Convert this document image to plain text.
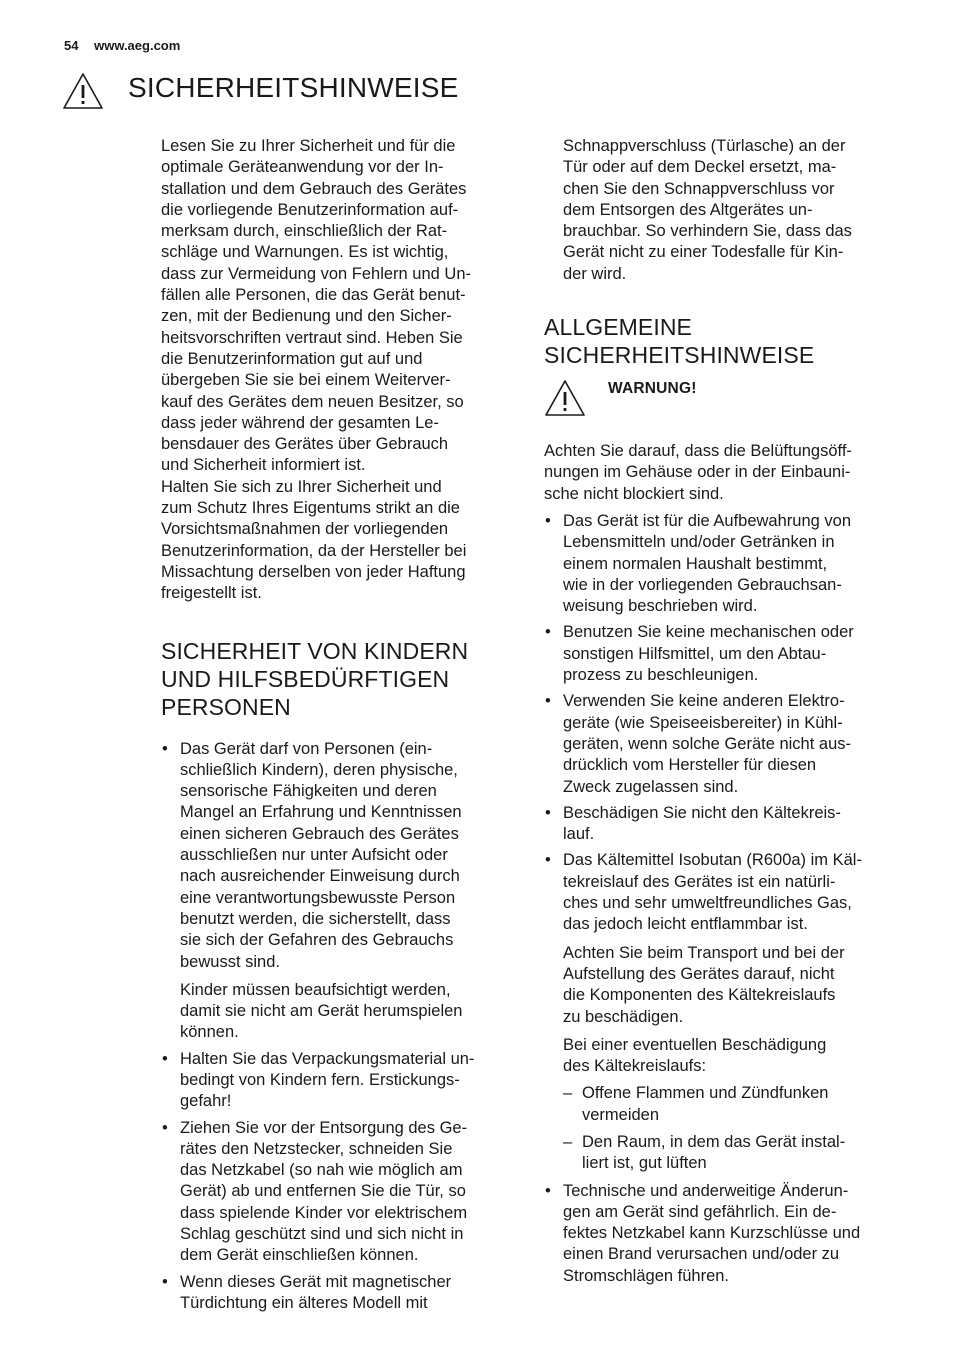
54 www.aeg.com
SICHERHEITSHINWEISE

Lesen Sie zu Ihrer Sicherheit und für die
optimale Geräteanwendung vor der In-
stallation und dem Gebrauch des Gerätes
die vorliegende Benutzerinformation auf-
merksam durch, einschließlich der Rat-
schläge und Warnungen. Es ist wichtig,
dass zur Vermeidung von Fehlern und Un-
fällen alle Personen, die das Gerät benut-
zen, mit der Bedienung und den Sicher-
heitsvorschriften vertraut sind. Heben Sie
die Benutzerinformation gut auf und
übergeben Sie sie bei einem Weiterver-
kauf des Gerätes dem neuen Besitzer, so
dass jeder während der gesamten Le-
bensdauer des Gerätes über Gebrauch
und Sicherheit informiert ist.
Halten Sie sich zu Ihrer Sicherheit und
zum Schutz Ihres Eigentums strikt an die
Vorsichtsmaßnahmen der vorliegenden
Benutzerinformation, da der Hersteller bei
Missachtung derselben von jeder Haftung
freigestellt ist.

SICHERHEIT VON KINDERN
UND HILFSBEDÜRFTIGEN
PERSONEN
• Das Gerät darf von Personen (ein-
schließlich Kindern), deren physische,
sensorische Fähigkeiten und deren
Mangel an Erfahrung und Kenntnissen
einen sicheren Gebrauch des Gerätes
ausschließen nur unter Aufsicht oder
nach ausreichender Einweisung durch
eine verantwortungsbewusste Person
benutzt werden, die sicherstellt, dass
sie sich der Gefahren des Gebrauchs
bewusst sind.
Kinder müssen beaufsichtigt werden,
damit sie nicht am Gerät herumspielen
können.
• Halten Sie das Verpackungsmaterial un-
bedingt von Kindern fern. Erstickungs-
gefahr!
• Ziehen Sie vor der Entsorgung des Ge-
rätes den Netzstecker, schneiden Sie
das Netzkabel (so nah wie möglich am
Gerät) ab und entfernen Sie die Tür, so
dass spielende Kinder vor elektrischem
Schlag geschützt sind und sich nicht in
dem Gerät einschließen können.
• Wenn dieses Gerät mit magnetischer
Türdichtung ein älteres Modell mit

Schnappverschluss (Türlasche) an der
Tür oder auf dem Deckel ersetzt, ma-
chen Sie den Schnappverschluss vor
dem Entsorgen des Altgerätes un-
brauchbar. So verhindern Sie, dass das
Gerät nicht zu einer Todesfalle für Kin-
der wird.

ALLGEMEINE
SICHERHEITSHINWEISE
WARNUNG!

Achten Sie darauf, dass die Belüftungsöff-
nungen im Gehäuse oder in der Einbauni-
sche nicht blockiert sind.

• Das Gerät ist für die Aufbewahrung von
Lebensmitteln und/oder Getränken in
einem normalen Haushalt bestimmt,
wie in der vorliegenden Gebrauchsan-
weisung beschrieben wird.
• Benutzen Sie keine mechanischen oder
sonstigen Hilfsmittel, um den Abtau-
prozess zu beschleunigen.
• Verwenden Sie keine anderen Elektro-
geräte (wie Speiseeisbereiter) in Kühl-
geräten, wenn solche Geräte nicht aus-
drücklich vom Hersteller für diesen
Zweck zugelassen sind.
• Beschädigen Sie nicht den Kältekreis-
lauf.
• Das Kältemittel Isobutan (R600a) im Käl-
tekreislauf des Gerätes ist ein natürli-
ches und sehr umweltfreundliches Gas,
das jedoch leicht entflammbar ist.
Achten Sie beim Transport und bei der
Aufstellung des Gerätes darauf, nicht
die Komponenten des Kältekreislaufs
zu beschädigen.
Bei einer eventuellen Beschädigung
des Kältekreislaufs:
– Offene Flammen und Zündfunken
vermeiden
– Den Raum, in dem das Gerät instal-
liert ist, gut lüften
• Technische und anderweitige Änderun-
gen am Gerät sind gefährlich. Ein de-
fektes Netzkabel kann Kurzschlüsse und
einen Brand verursachen und/oder zu
Stromschlägen führen.
